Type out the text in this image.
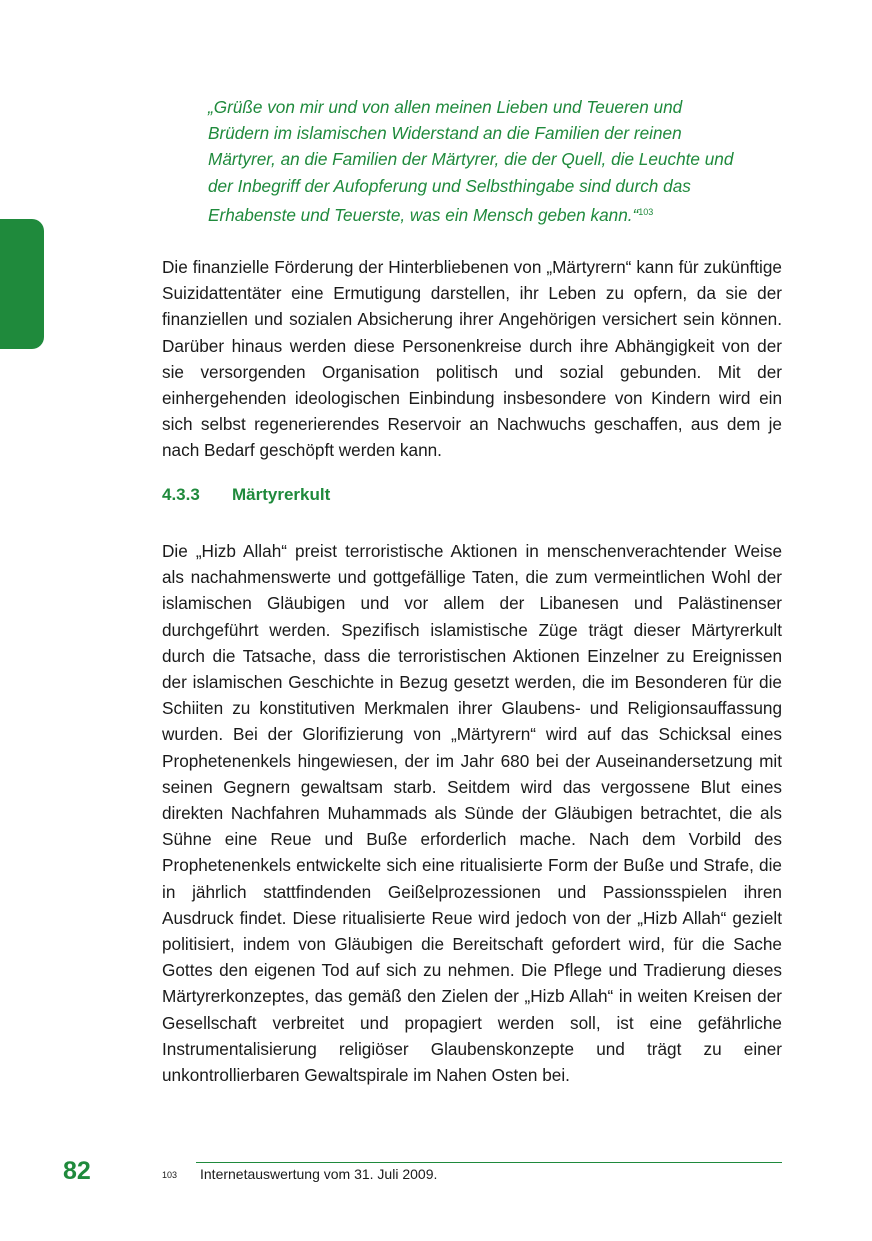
„Grüße von mir und von allen meinen Lieben und Teueren und Brüdern im islamischen Widerstand an die Familien der reinen Märtyrer, an die Familien der Märtyrer, die der Quell, die Leuchte und der Inbegriff der Aufopferung und Selbsthingabe sind durch das Erhabenste und Teuerste, was ein Mensch geben kann.“$^{103}$

Die finanzielle Förderung der Hinterbliebenen von „Märtyrern“ kann für zukünftige Suizidattentäter eine Ermutigung darstellen, ihr Leben zu opfern, da sie der finanziellen und sozialen Absicherung ihrer Angehörigen versichert sein können. Darüber hinaus werden diese Personenkreise durch ihre Abhängigkeit von der sie versorgenden Organisation politisch und sozial gebunden. Mit der einhergehenden ideologischen Einbindung insbesondere von Kindern wird ein sich selbst regenerierendes Reservoir an Nachwuchs geschaffen, aus dem je nach Bedarf geschöpft werden kann.

4.3.3 Märtyrerkult

Die „Hizb Allah“ preist terroristische Aktionen in menschenverachtender Weise als nachahmenswerte und gottgefällige Taten, die zum vermeintlichen Wohl der islamischen Gläubigen und vor allem der Libanesen und Palästinenser durchgeführt werden. Spezifisch islamistische Züge trägt dieser Märtyrerkult durch die Tatsache, dass die terroristischen Aktionen Einzelner zu Ereignissen der islamischen Geschichte in Bezug gesetzt werden, die im Besonderen für die Schiiten zu konstitutiven Merkmalen ihrer Glaubens- und Religionsauffassung wurden. Bei der Glorifizierung von „Märtyrern“ wird auf das Schicksal eines Prophetenenkels hingewiesen, der im Jahr 680 bei der Auseinandersetzung mit seinen Gegnern gewaltsam starb. Seitdem wird das vergossene Blut eines direkten Nachfahren Muhammads als Sünde der Gläubigen betrachtet, die als Sühne eine Reue und Buße erforderlich mache. Nach dem Vorbild des Prophetenenkels entwickelte sich eine ritualisierte Form der Buße und Strafe, die in jährlich stattfindenden Geißelprozessionen und Passionsspielen ihren Ausdruck findet. Diese ritualisierte Reue wird jedoch von der „Hizb Allah“ gezielt politisiert, indem von Gläubigen die Bereitschaft gefordert wird, für die Sache Gottes den eigenen Tod auf sich zu nehmen. Die Pflege und Tradierung dieses Märtyrerkonzeptes, das gemäß den Zielen der „Hizb Allah“ in weiten Kreisen der Gesellschaft verbreitet und propagiert werden soll, ist eine gefährliche Instrumentalisierung religiöser Glaubenskonzepte und trägt zu einer unkontrollierbaren Gewaltspirale im Nahen Osten bei.

82	103 Internetauswertung vom 31. Juli 2009.
